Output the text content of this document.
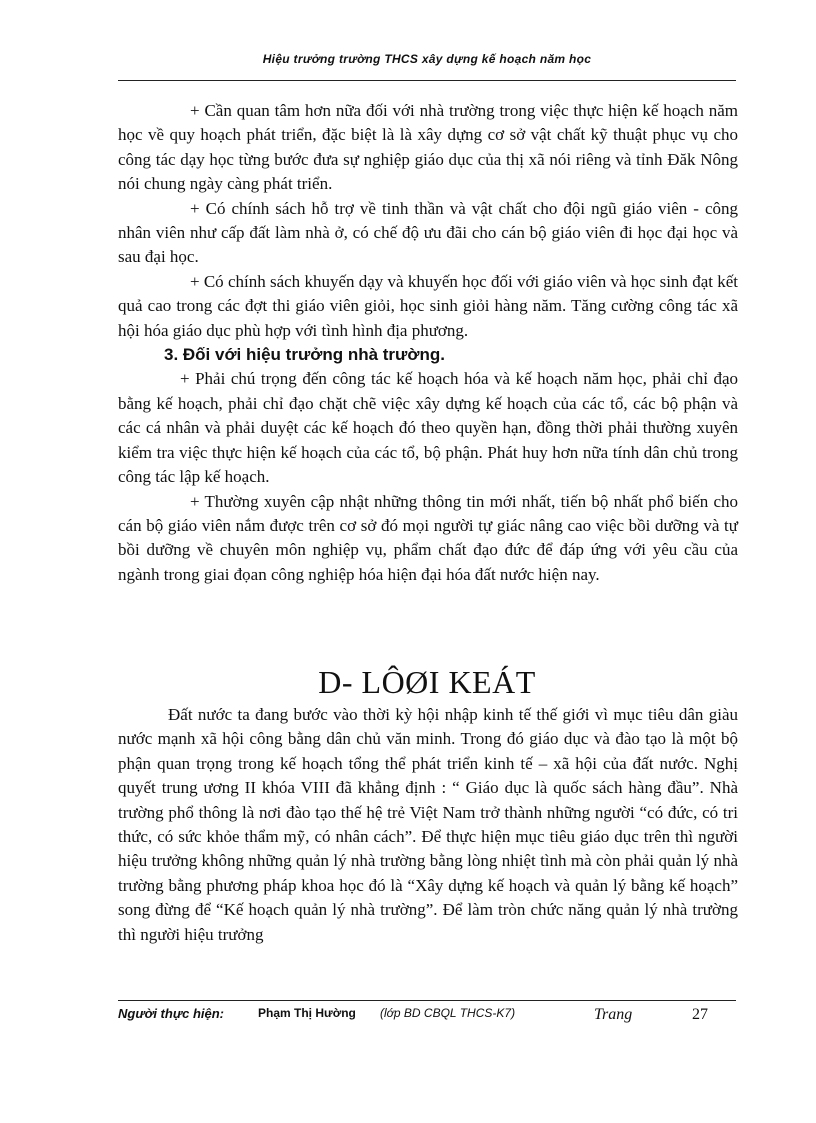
Hiệu trưởng trường THCS xây dựng kế hoạch năm học

+ Cần quan tâm hơn nữa đối với nhà trường trong việc thực hiện kế hoạch năm học về quy hoạch phát triển, đặc biệt là là xây dựng cơ sở vật chất kỹ thuật phục vụ cho công tác dạy học từng bước đưa sự nghiệp giáo dục của thị xã nói riêng và tỉnh Đăk Nông nói chung ngày càng phát triển.

+ Có chính sách hỗ trợ về tinh thần và vật chất cho đội ngũ giáo viên - công nhân viên như cấp đất làm nhà ở, có chế độ ưu đãi cho cán bộ giáo viên đi học đại học và sau đại học.

+ Có chính sách khuyến dạy và khuyến học đối với giáo viên và học sinh đạt kết quả cao trong các đợt thi giáo viên giỏi, học sinh giỏi hàng năm. Tăng cường công tác xã hội hóa giáo dục phù hợp với tình hình địa phương.

3. Đối với hiệu trưởng nhà trường.

+ Phải chú trọng đến công tác kế hoạch hóa và kế hoạch năm học, phải chỉ đạo bằng kế hoạch, phải chỉ đạo chặt chẽ việc xây dựng kế hoạch của các tổ, các bộ phận và các cá nhân và phải duyệt các kế hoạch đó theo quyền hạn, đồng thời phải thường xuyên kiểm tra việc thực hiện kế hoạch của các tổ, bộ phận. Phát huy hơn nữa tính dân chủ trong công tác lập kế hoạch.

+ Thường xuyên cập nhật những thông tin mới nhất, tiến bộ nhất phổ biến cho cán bộ giáo viên nắm được trên cơ sở đó mọi người tự giác nâng cao việc bồi dưỡng và tự bồi dưỡng về chuyên môn nghiệp vụ, phẩm chất đạo đức để đáp ứng với yêu cầu của ngành trong giai đọan công nghiệp hóa hiện đại hóa đất nước hiện nay.

D- LÔØI KEÁT

Đất nước ta đang bước vào thời kỳ hội nhập kinh tế thế giới vì mục tiêu dân giàu nước mạnh xã hội công bằng dân chủ văn minh. Trong đó giáo dục và đào tạo là một bộ phận quan trọng trong kế hoạch tổng thể phát triển kinh tế – xã hội của đất nước. Nghị quyết trung ương II khóa VIII đã khẳng định : “ Giáo dục là quốc sách hàng đầu”. Nhà trường phổ thông là nơi đào tạo thế hệ trẻ Việt Nam trở thành những người “có đức, có tri thức, có sức khỏe thẩm mỹ, có nhân cách”. Để thực hiện mục tiêu giáo dục trên thì người hiệu trưởng không những quản lý nhà trường bằng lòng nhiệt tình mà còn phải quản lý nhà trường bằng phương pháp khoa học đó là “Xây dựng kế hoạch và quản lý bằng kế hoạch” song đừng để “Kế hoạch quản lý nhà trường”. Để làm tròn chức năng quản lý nhà trường thì người hiệu trưởng

Người thực hiện:	Phạm Thị Hường (lớp BD CBQL THCS-K7)	Trang	27
